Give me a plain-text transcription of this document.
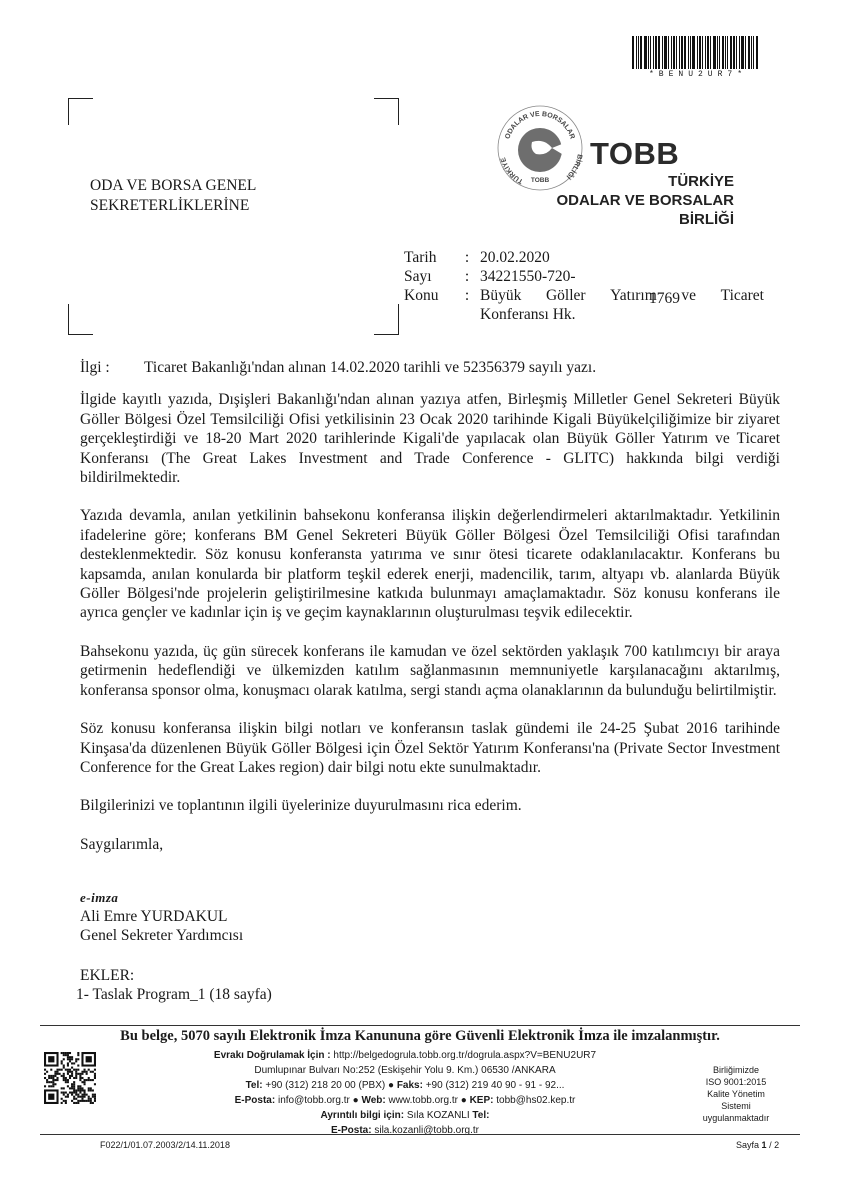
*BENU2UR7*
ODA VE BORSA GENEL
SEKRETERLİKLERİNE
ODALAR VE BORSALAR
TÜRKİYE	BİRLİĞİ
TOBB
TOBB
TÜRKİYE
ODALAR VE BORSALAR
BİRLİĞİ
Tarih	: 20.02.2020
Sayı	: 34221550-720-
1769
Konu	: Büyük Göller Yatırım ve Ticaret
Konferansı Hk.
İlgi :	Ticaret Bakanlığı'ndan alınan 14.02.2020 tarihli ve 52356379 sayılı yazı.

İlgide kayıtlı yazıda, Dışişleri Bakanlığı'ndan alınan yazıya atfen, Birleşmiş Milletler Genel Sekreteri Büyük Göller Bölgesi Özel Temsilciliği Ofisi yetkilisinin 23 Ocak 2020 tarihinde Kigali Büyükelçiliğimize bir ziyaret gerçekleştirdiği ve 18-20 Mart 2020 tarihlerinde Kigali'de yapılacak olan Büyük Göller Yatırım ve Ticaret Konferansı (The Great Lakes Investment and Trade Conference - GLITC) hakkında bilgi verdiği bildirilmektedir.

Yazıda devamla, anılan yetkilinin bahsekonu konferansa ilişkin değerlendirmeleri aktarılmaktadır. Yetkilinin ifadelerine göre; konferans BM Genel Sekreteri Büyük Göller Bölgesi Özel Temsilciliği Ofisi tarafından desteklenmektedir. Söz konusu konferansta yatırıma ve sınır ötesi ticarete odaklanılacaktır. Konferans bu kapsamda, anılan konularda bir platform teşkil ederek enerji, madencilik, tarım, altyapı vb. alanlarda Büyük Göller Bölgesi'nde projelerin geliştirilmesine katkıda bulunmayı amaçlamaktadır. Söz konusu konferans ile ayrıca gençler ve kadınlar için iş ve geçim kaynaklarının oluşturulması teşvik edilecektir.

Bahsekonu yazıda, üç gün sürecek konferans ile kamudan ve özel sektörden yaklaşık 700 katılımcıyı bir araya getirmenin hedeflendiği ve ülkemizden katılım sağlanmasının memnuniyetle karşılanacağını aktarılmış, konferansa sponsor olma, konuşmacı olarak katılma, sergi standı açma olanaklarının da bulunduğu belirtilmiştir.

Söz konusu konferansa ilişkin bilgi notları ve konferansın taslak gündemi ile 24-25 Şubat 2016 tarihinde Kinşasa'da düzenlenen Büyük Göller Bölgesi için Özel Sektör Yatırım Konferansı'na (Private Sector Investment Conference for the Great Lakes region) dair bilgi notu ekte sunulmaktadır.

Bilgilerinizi ve toplantının ilgili üyelerinize duyurulmasını rica ederim.

Saygılarımla,

e-imza
Ali Emre YURDAKUL
Genel Sekreter Yardımcısı
EKLER:
1- Taslak Program_1 (18 sayfa)
Bu belge, 5070 sayılı Elektronik İmza Kanununa göre Güvenli Elektronik İmza ile imzalanmıştır.
Evrakı Doğrulamak İçin : http://belgedogrula.tobb.org.tr/dogrula.aspx?V=BENU2UR7
Dumlupınar Bulvarı No:252 (Eskişehir Yolu 9. Km.) 06530 /ANKARA
Tel: +90 (312) 218 20 00 (PBX) ● Faks: +90 (312) 219 40 90 - 91 - 92...
E-Posta: info@tobb.org.tr ● Web: www.tobb.org.tr ● KEP: tobb@hs02.kep.tr
Ayrıntılı bilgi için: Sıla KOZANLI Tel:
E-Posta: sila.kozanli@tobb.org.tr
Birliğimizde
ISO 9001:2015
Kalite Yönetim
Sistemi
uygulanmaktadır
F022/1/01.07.2003/2/14.11.2018	Sayfa 1 / 2
